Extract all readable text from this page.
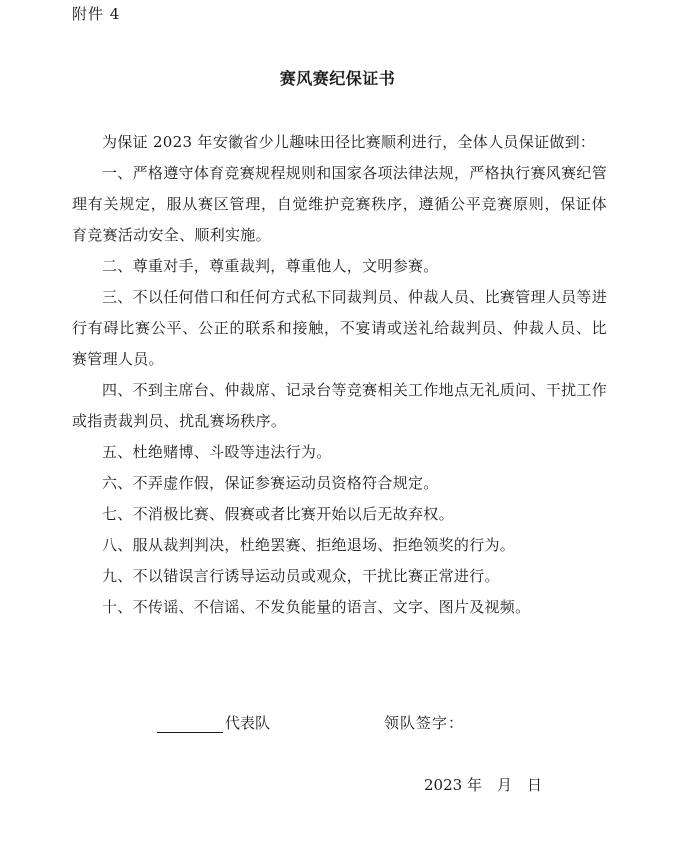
附件 4
赛风赛纪保证书

为保证 2023 年安徽省少儿趣味田径比赛顺利进行，全体人员保证做到：

一、严格遵守体育竞赛规程规则和国家各项法律法规，严格执行赛风赛纪管理有关规定，服从赛区管理，自觉维护竞赛秩序，遵循公平竞赛原则，保证体育竞赛活动安全、顺利实施。

二、尊重对手，尊重裁判，尊重他人，文明参赛。

三、不以任何借口和任何方式私下同裁判员、仲裁人员、比赛管理人员等进行有碍比赛公平、公正的联系和接触，不宴请或送礼给裁判员、仲裁人员、比赛管理人员。

四、不到主席台、仲裁席、记录台等竞赛相关工作地点无礼质问、干扰工作或指责裁判员、扰乱赛场秩序。

五、杜绝赌博、斗殴等违法行为。

六、不弄虚作假，保证参赛运动员资格符合规定。

七、不消极比赛、假赛或者比赛开始以后无故弃权。

八、服从裁判判决，杜绝罢赛、拒绝退场、拒绝领奖的行为。

九、不以错误言行诱导运动员或观众，干扰比赛正常进行。

十、不传谣、不信谣、不发负能量的语言、文字、图片及视频。

代表队	领队签字：
2023 年
　 月
　 日
